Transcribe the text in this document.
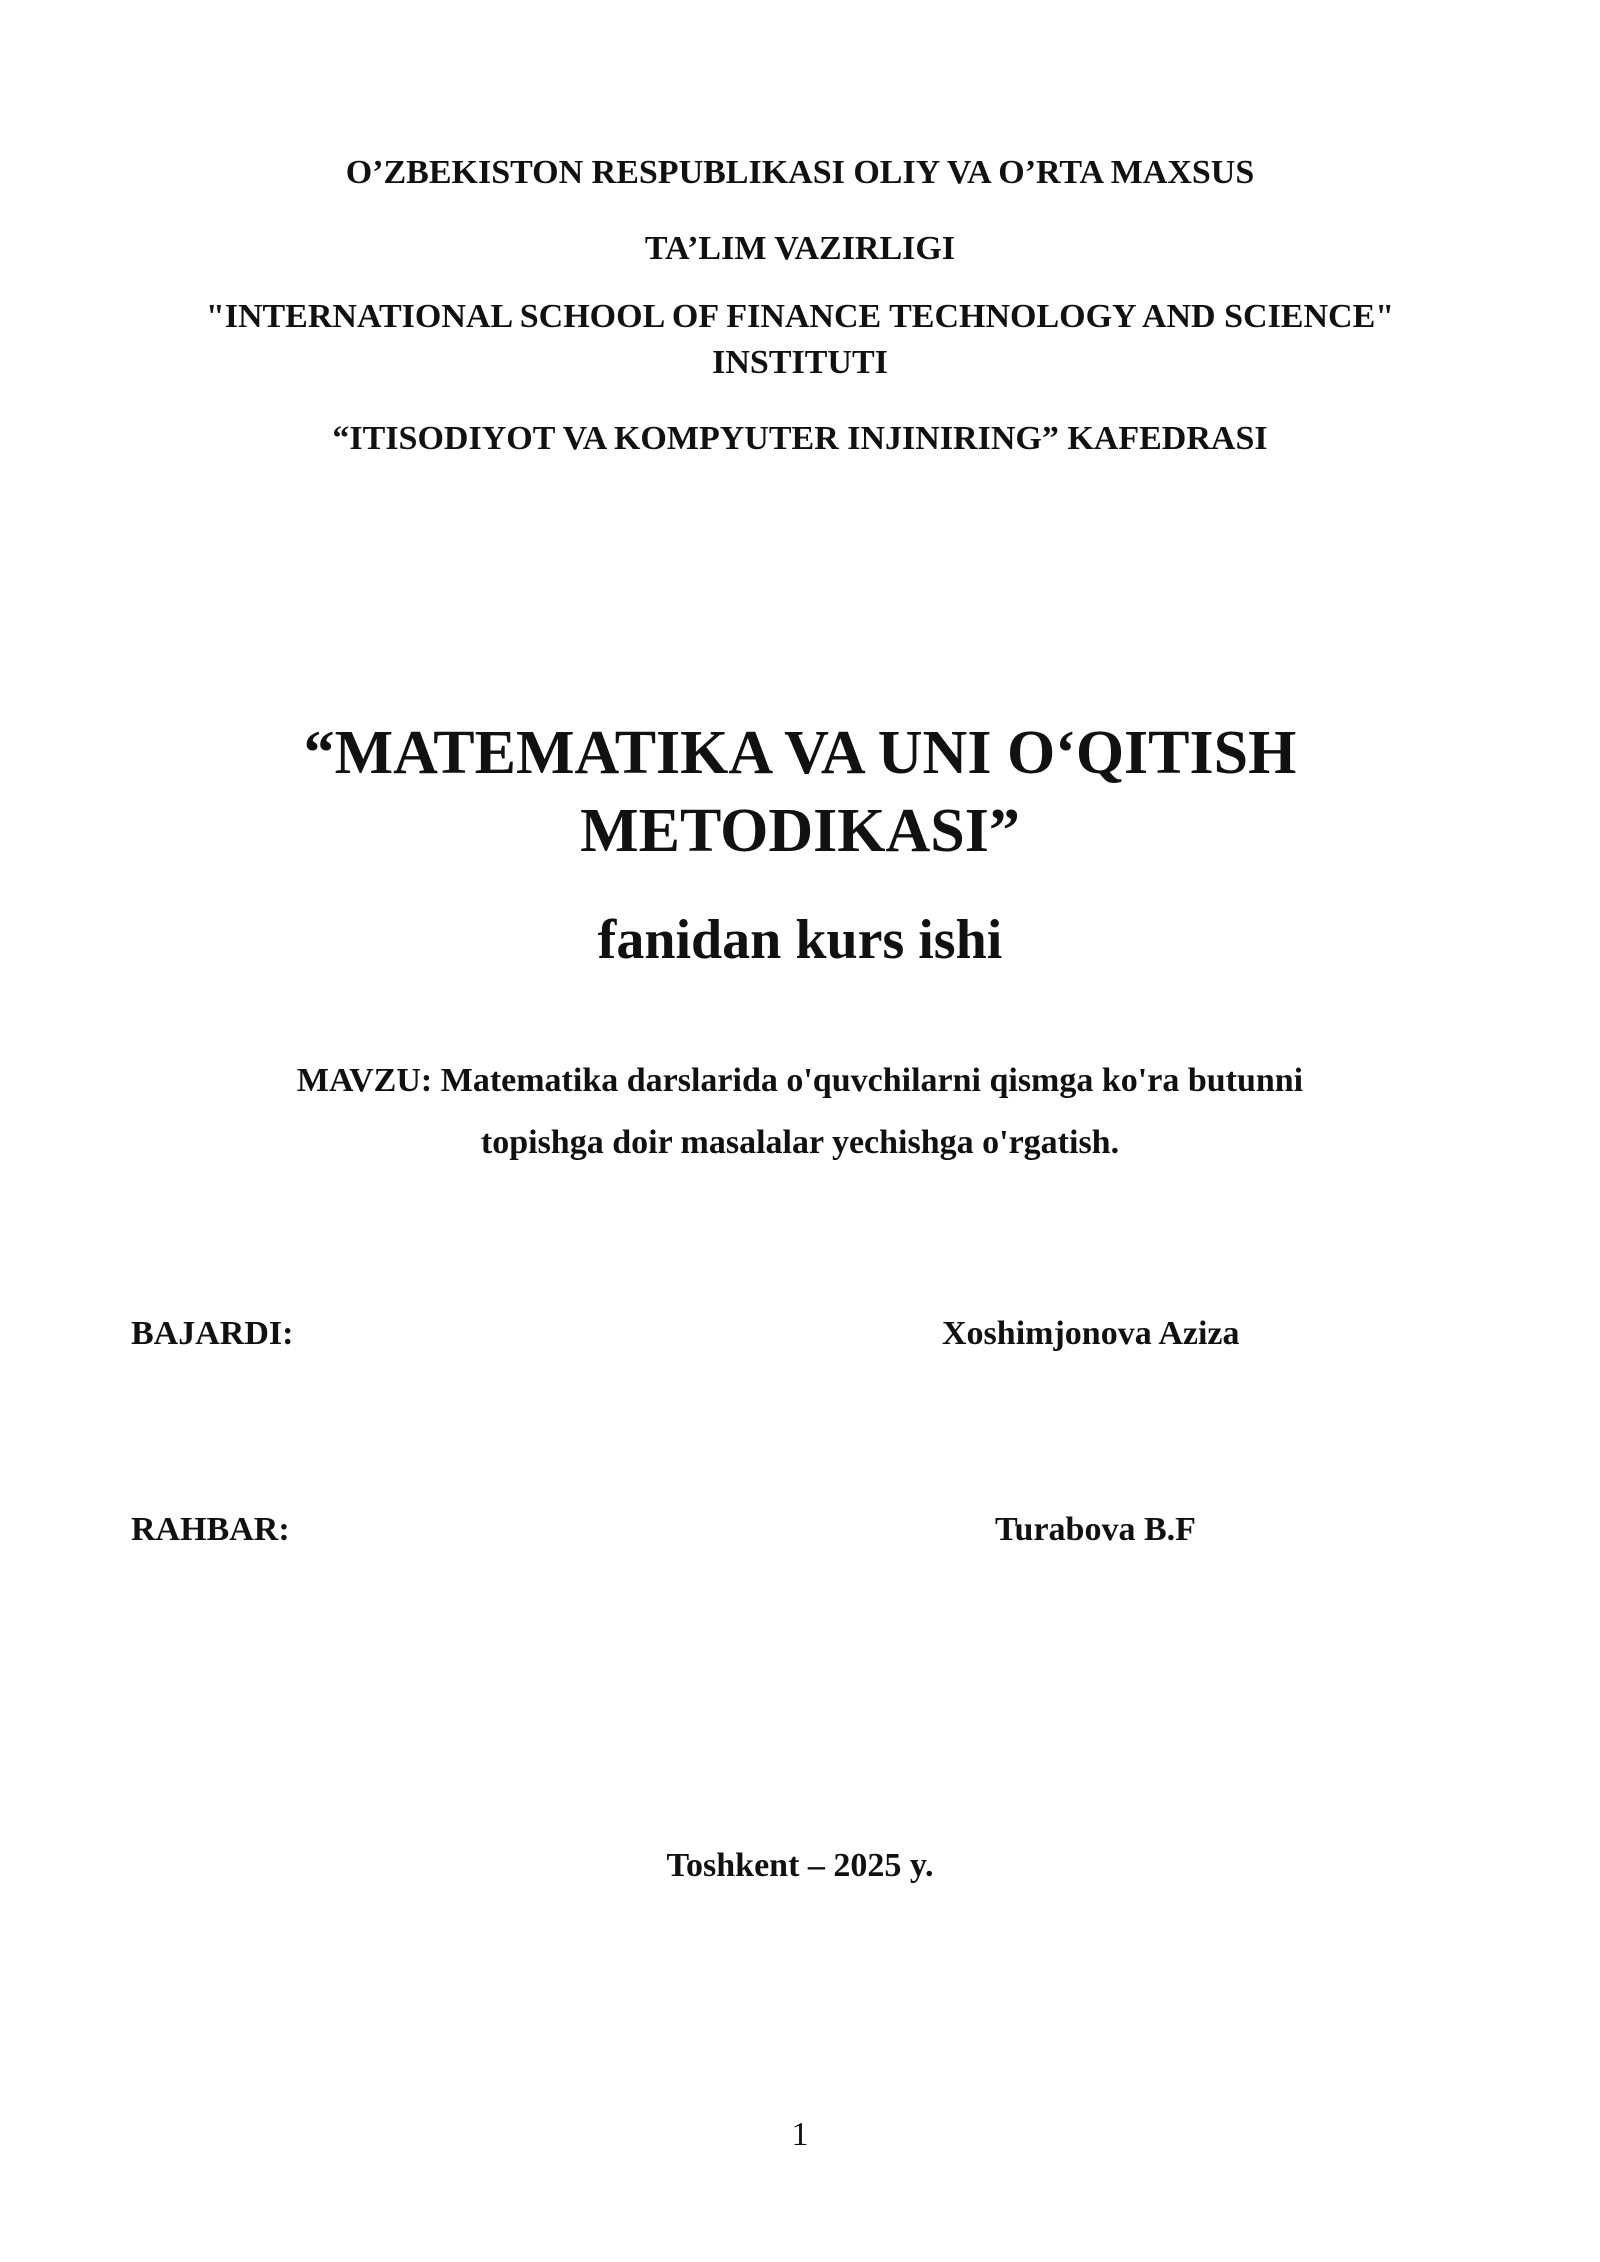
O’ZBEKISTON RESPUBLIKASI OLIY VA O’RTA MAXSUS
TA’LIM VAZIRLIGI
"INTERNATIONAL SCHOOL OF FINANCE TECHNOLOGY AND SCIENCE"
INSTITUTI
“ITISODIYOT VA KOMPYUTER INJINIRING” KAFEDRASI
“MATEMATIKA VA UNI O‘QITISH
METODIKASI”
fanidan kurs ishi
MAVZU: Matematika darslarida o'quvchilarni qismga ko'ra butunni
topishga doir masalalar yechishga o'rgatish.
BAJARDI:	Xoshimjonova Aziza
RAHBAR:	Turabova B.F
Toshkent – 2025 y.
1
